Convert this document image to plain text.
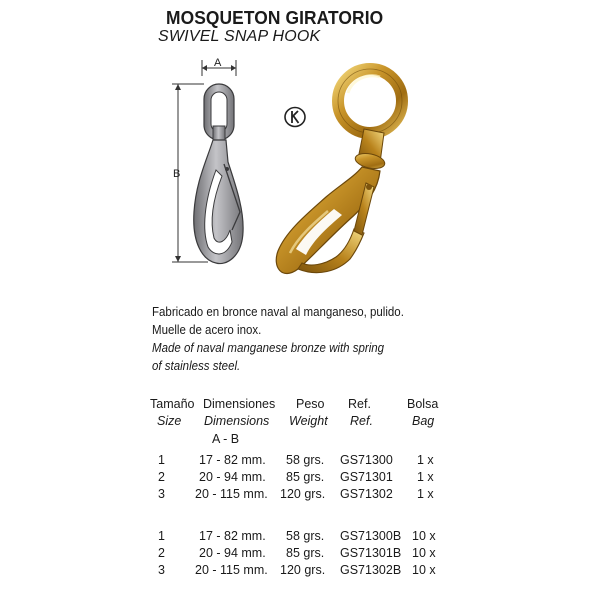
MOSQUETON GIRATORIO
SWIVEL SNAP HOOK
A
B
Fabricado en bronce naval al manganeso, pulido.
Muelle de acero inox.
Made of naval manganese bronze with spring
of stainless steel.
Tamaño Dimensiones Peso Ref.	Bolsa
Size Dimensions Weight Ref.	Bag
A - B
1	17 - 82 mm. 58 grs. GS71300 1 x
2	20 - 94 mm. 85 grs. GS71301 1 x
3 20 - 115 mm. 120 grs. GS71302 1 x
1	17 - 82 mm. 58 grs. GS71300B 10 x
2	20 - 94 mm. 85 grs. GS71301B 10 x
3 20 - 115 mm. 120 grs. GS71302B 10 x
